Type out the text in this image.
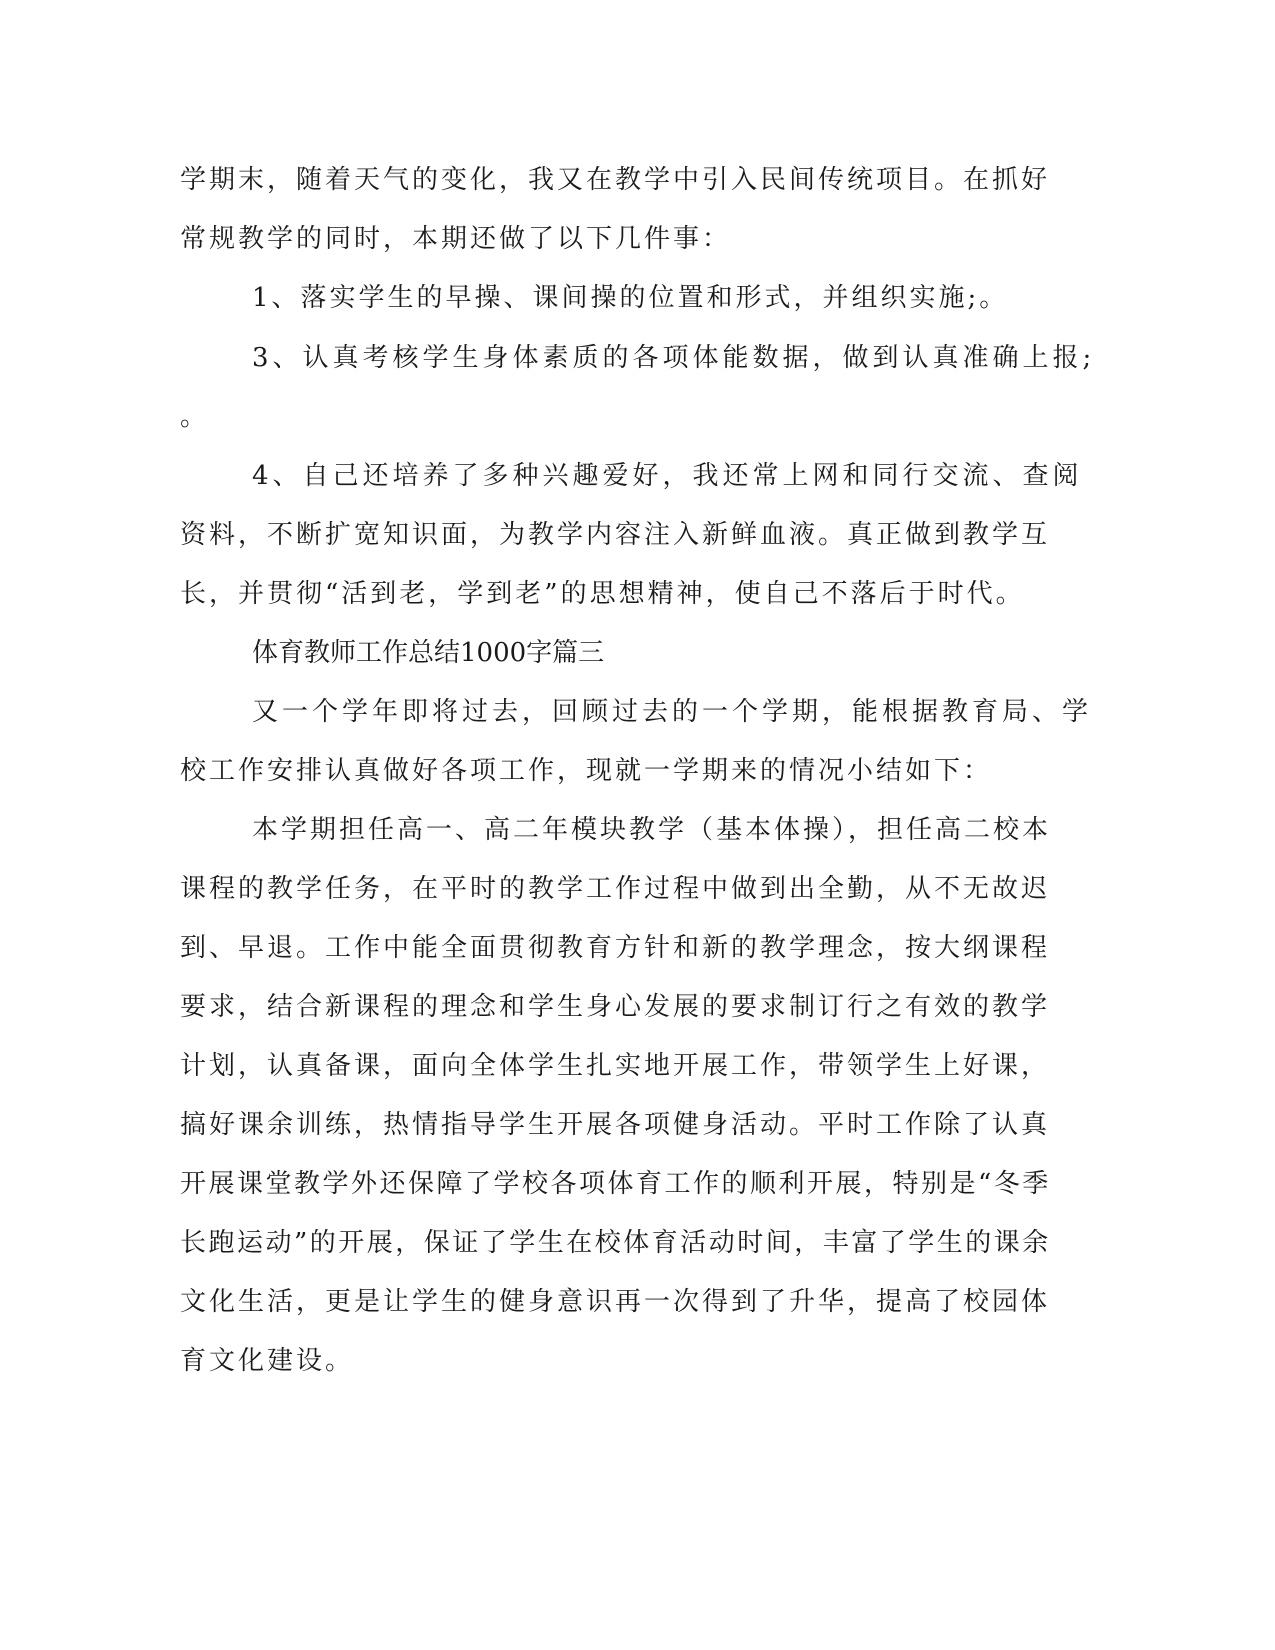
学期末，随着天气的变化，我又在教学中引入民间传统项目。在抓好
常规教学的同时，本期还做了以下几件事：
1、落实学生的早操、课间操的位置和形式，并组织实施;。
3、认真考核学生身体素质的各项体能数据，做到认真准确上报;
。
4、自己还培养了多种兴趣爱好，我还常上网和同行交流、查阅
资料，不断扩宽知识面，为教学内容注入新鲜血液。真正做到教学互
长，并贯彻“活到老，学到老”的思想精神，使自己不落后于时代。
体育教师工作总结1000字篇三
又一个学年即将过去，回顾过去的一个学期，能根据教育局、学
校工作安排认真做好各项工作，现就一学期来的情况小结如下：
本学期担任高一、高二年模块教学（基本体操），担任高二校本
课程的教学任务，在平时的教学工作过程中做到出全勤，从不无故迟
到、早退。工作中能全面贯彻教育方针和新的教学理念，按大纲课程
要求，结合新课程的理念和学生身心发展的要求制订行之有效的教学
计划，认真备课，面向全体学生扎实地开展工作，带领学生上好课，
搞好课余训练，热情指导学生开展各项健身活动。平时工作除了认真
开展课堂教学外还保障了学校各项体育工作的顺利开展，特别是“冬季
长跑运动”的开展，保证了学生在校体育活动时间，丰富了学生的课余
文化生活，更是让学生的健身意识再一次得到了升华，提高了校园体
育文化建设。
